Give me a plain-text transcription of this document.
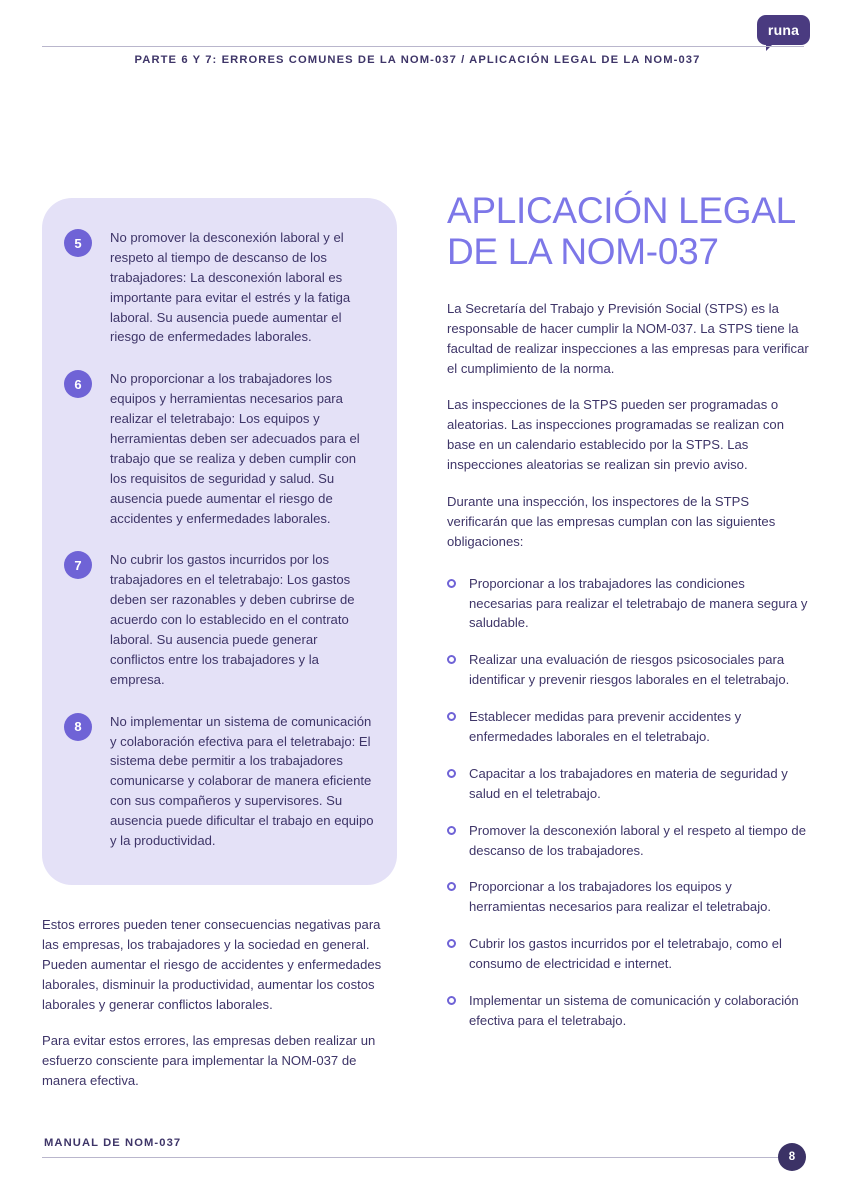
runa
PARTE 6 Y 7: ERRORES COMUNES DE LA NOM-037 / APLICACIÓN LEGAL DE LA NOM-037
5	No promover la desconexión laboral y el respeto al tiempo de descanso de los trabajadores: La desconexión laboral es importante para evitar el estrés y la fatiga laboral. Su ausencia puede aumentar el riesgo de enfermedades laborales.
6	No proporcionar a los trabajadores los equipos y herramientas necesarios para realizar el teletrabajo: Los equipos y herramientas deben ser adecuados para el trabajo que se realiza y deben cumplir con los requisitos de seguridad y salud. Su ausencia puede aumentar el riesgo de accidentes y enfermedades laborales.
7	No cubrir los gastos incurridos por los trabajadores en el teletrabajo: Los gastos deben ser razonables y deben cubrirse de acuerdo con lo establecido en el contrato laboral. Su ausencia puede generar conflictos entre los trabajadores y la empresa.
8	No implementar un sistema de comunicación y colaboración efectiva para el teletrabajo: El sistema debe permitir a los trabajadores comunicarse y colaborar de manera eficiente con sus compañeros y supervisores. Su ausencia puede dificultar el trabajo en equipo y la productividad.

Estos errores pueden tener consecuencias negativas para las empresas, los trabajadores y la sociedad en general. Pueden aumentar el riesgo de accidentes y enfermedades laborales, disminuir la productividad, aumentar los costos laborales y generar conflictos laborales.

Para evitar estos errores, las empresas deben realizar un esfuerzo consciente para implementar la NOM-037 de manera efectiva.

APLICACIÓN LEGAL DE LA NOM-037

La Secretaría del Trabajo y Previsión Social (STPS) es la responsable de hacer cumplir la NOM-037. La STPS tiene la facultad de realizar inspecciones a las empresas para verificar el cumplimiento de la norma.

Las inspecciones de la STPS pueden ser programadas o aleatorias. Las inspecciones programadas se realizan con base en un calendario establecido por la STPS. Las inspecciones aleatorias se realizan sin previo aviso.

Durante una inspección, los inspectores de la STPS verificarán que las empresas cumplan con las siguientes obligaciones:

Proporcionar a los trabajadores las condiciones necesarias para realizar el teletrabajo de manera segura y saludable.
Realizar una evaluación de riesgos psicosociales para identificar y prevenir riesgos laborales en el teletrabajo.
Establecer medidas para prevenir accidentes y enfermedades laborales en el teletrabajo.
Capacitar a los trabajadores en materia de seguridad y salud en el teletrabajo.
Promover la desconexión laboral y el respeto al tiempo de descanso de los trabajadores.
Proporcionar a los trabajadores los equipos y herramientas necesarios para realizar el teletrabajo.
Cubrir los gastos incurridos por el teletrabajo, como el consumo de electricidad e internet.
Implementar un sistema de comunicación y colaboración efectiva para el teletrabajo.
MANUAL DE NOM-037
8
